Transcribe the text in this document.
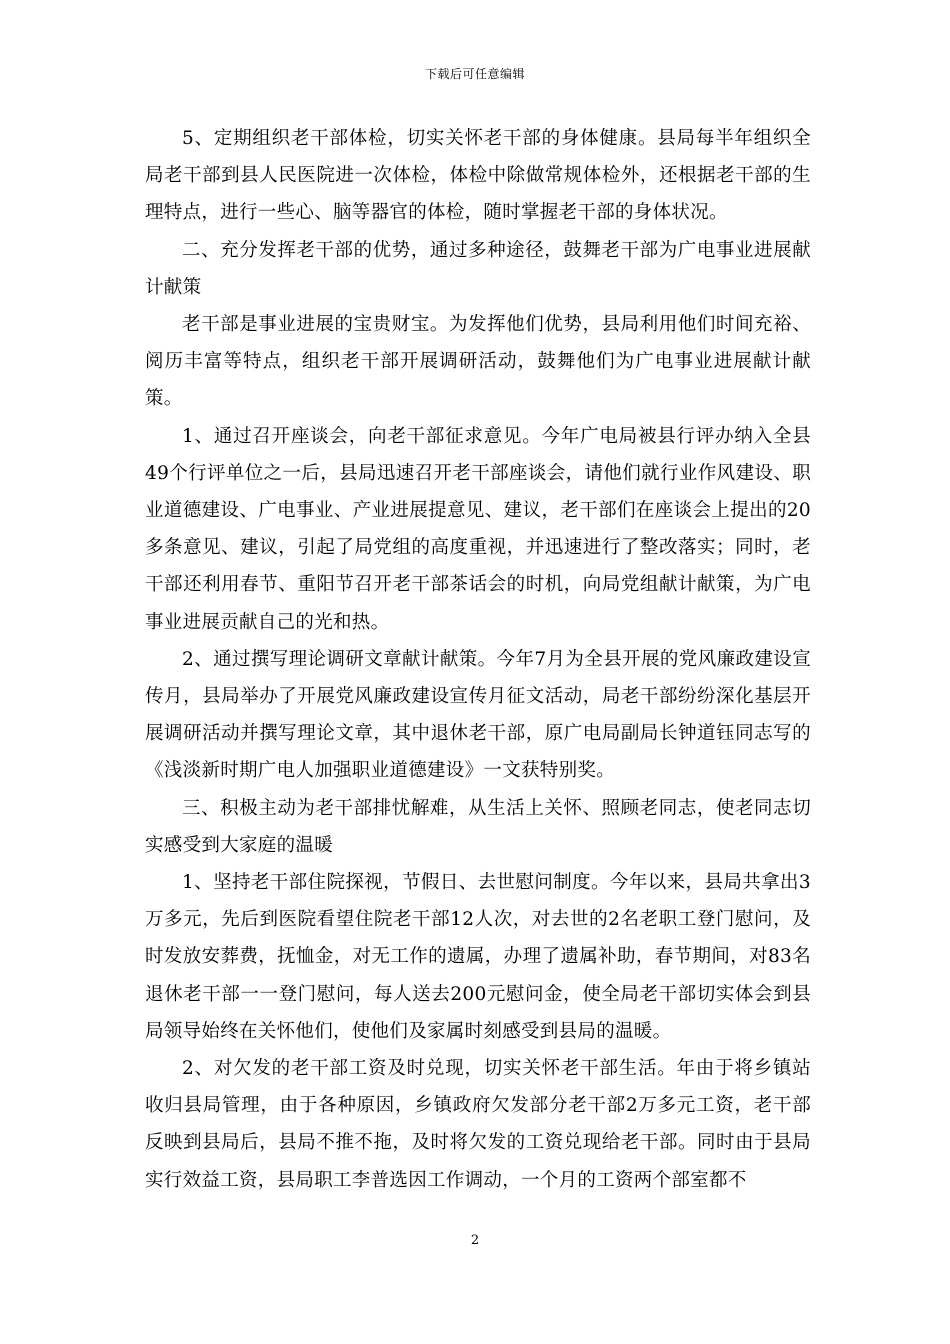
下载后可任意编辑

5、定期组织老干部体检，切实关怀老干部的身体健康。县局每半年组织全局老干部到县人民医院进一次体检，体检中除做常规体检外，还根据老干部的生理特点，进行一些心、脑等器官的体检，随时掌握老干部的身体状况。

二、充分发挥老干部的优势，通过多种途径，鼓舞老干部为广电事业进展献计献策

老干部是事业进展的宝贵财宝。为发挥他们优势，县局利用他们时间充裕、阅历丰富等特点，组织老干部开展调研活动，鼓舞他们为广电事业进展献计献策。

1、通过召开座谈会，向老干部征求意见。今年广电局被县行评办纳入全县49个行评单位之一后，县局迅速召开老干部座谈会，请他们就行业作风建设、职业道德建设、广电事业、产业进展提意见、建议，老干部们在座谈会上提出的20多条意见、建议，引起了局党组的高度重视，并迅速进行了整改落实；同时，老干部还利用春节、重阳节召开老干部茶话会的时机，向局党组献计献策，为广电事业进展贡献自己的光和热。

2、通过撰写理论调研文章献计献策。今年7月为全县开展的党风廉政建设宣传月，县局举办了开展党风廉政建设宣传月征文活动，局老干部纷纷深化基层开展调研活动并撰写理论文章，其中退休老干部，原广电局副局长钟道钰同志写的《浅淡新时期广电人加强职业道德建设》一文获特别奖。

三、积极主动为老干部排忧解难，从生活上关怀、照顾老同志，使老同志切实感受到大家庭的温暖

1、坚持老干部住院探视，节假日、去世慰问制度。今年以来，县局共拿出3万多元，先后到医院看望住院老干部12人次，对去世的2名老职工登门慰问，及时发放安葬费，抚恤金，对无工作的遗属，办理了遗属补助，春节期间，对83名退休老干部一一登门慰问，每人送去200元慰问金，使全局老干部切实体会到县局领导始终在关怀他们，使他们及家属时刻感受到县局的温暖。

2、对欠发的老干部工资及时兑现，切实关怀老干部生活。年由于将乡镇站收归县局管理，由于各种原因，乡镇政府欠发部分老干部2万多元工资，老干部反映到县局后，县局不推不拖，及时将欠发的工资兑现给老干部。同时由于县局实行效益工资，县局职工李普选因工作调动，一个月的工资两个部室都不

2
